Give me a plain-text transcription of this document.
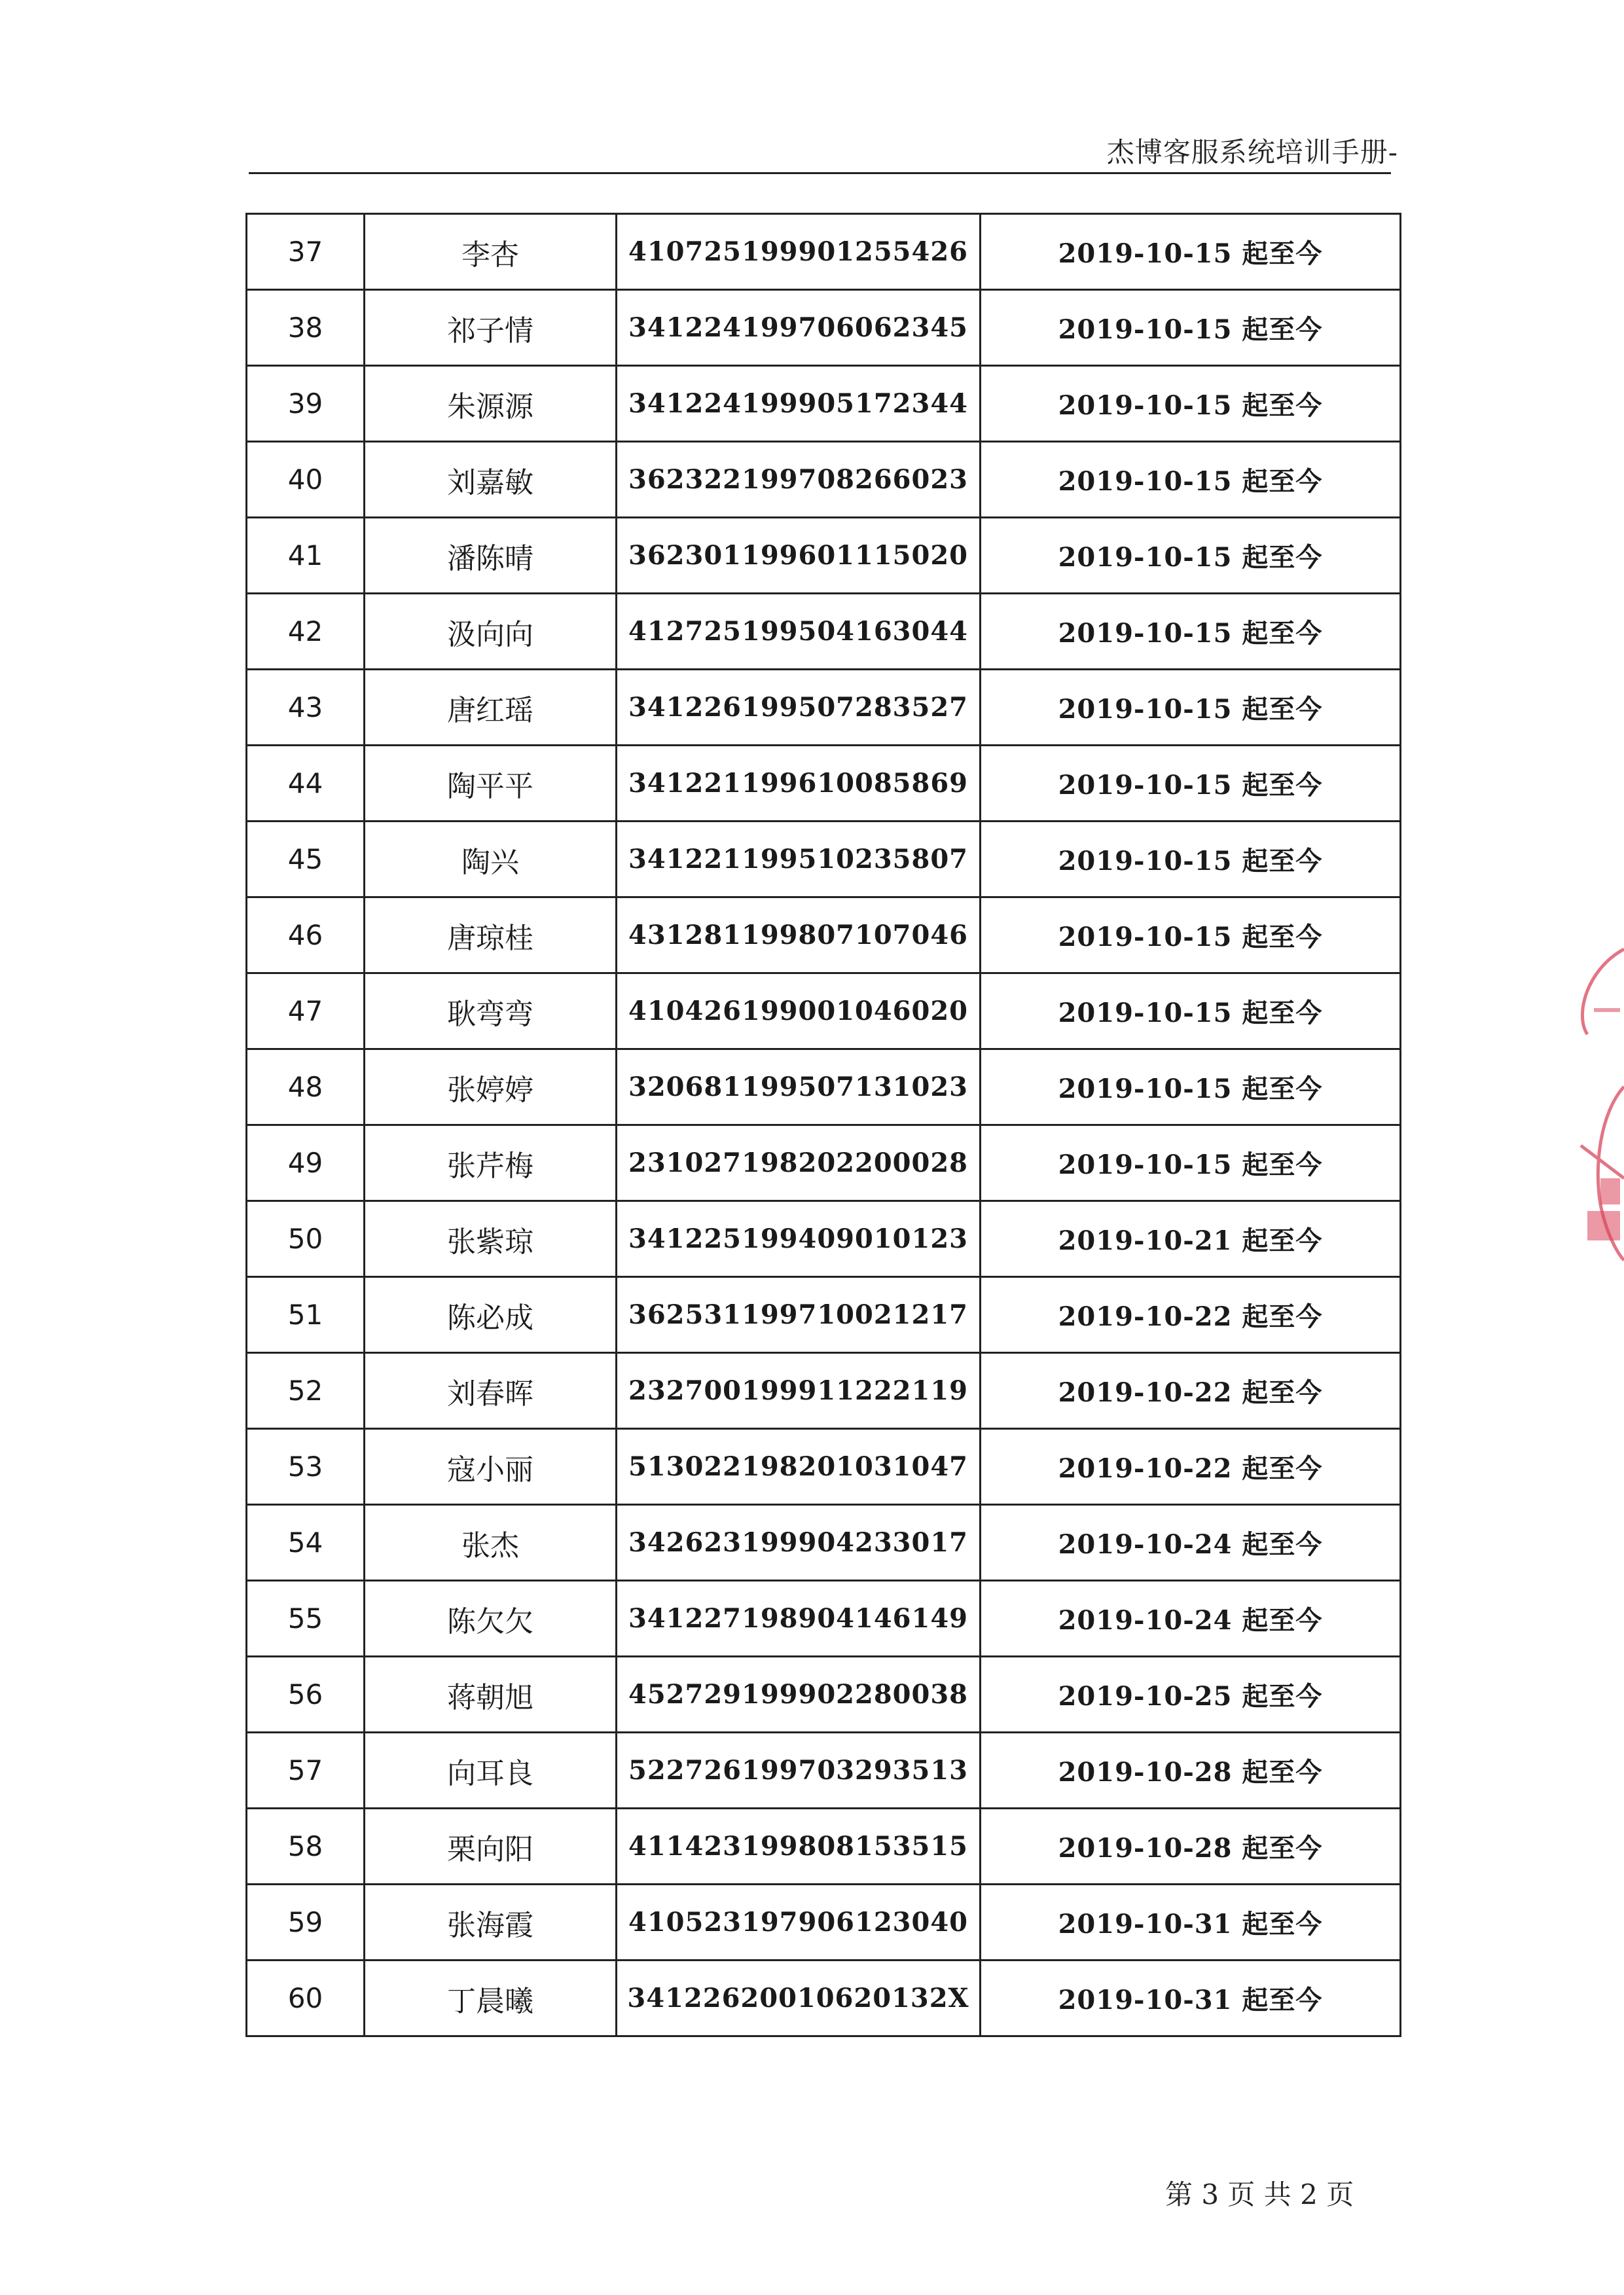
杰博客服系统培训手册-
37	李杏	410725199901255426	2019-10-15 起至今
38	祁子情	341224199706062345	2019-10-15 起至今
39	朱源源	341224199905172344	2019-10-15 起至今
40	刘嘉敏	362322199708266023	2019-10-15 起至今
41	潘陈晴	362301199601115020	2019-10-15 起至今
42	汲向向	412725199504163044	2019-10-15 起至今
43	唐红瑶	341226199507283527	2019-10-15 起至今
44	陶平平	341221199610085869	2019-10-15 起至今
45	陶兴	341221199510235807	2019-10-15 起至今
46	唐琼桂	431281199807107046	2019-10-15 起至今
47	耿弯弯	410426199001046020	2019-10-15 起至今
48	张婷婷	320681199507131023	2019-10-15 起至今
49	张芹梅	231027198202200028	2019-10-15 起至今
50	张紫琼	341225199409010123	2019-10-21 起至今
51	陈必成	362531199710021217	2019-10-22 起至今
52	刘春晖	232700199911222119	2019-10-22 起至今
53	寇小丽	513022198201031047	2019-10-22 起至今
54	张杰	342623199904233017	2019-10-24 起至今
55	陈欠欠	341227198904146149	2019-10-24 起至今
56	蒋朝旭	452729199902280038	2019-10-25 起至今
57	向耳良	522726199703293513	2019-10-28 起至今
58	栗向阳	411423199808153515	2019-10-28 起至今
59	张海霞	410523197906123040	2019-10-31 起至今
60	丁晨曦	34122620010620132X	2019-10-31 起至今
第 3 页 共 2 页
